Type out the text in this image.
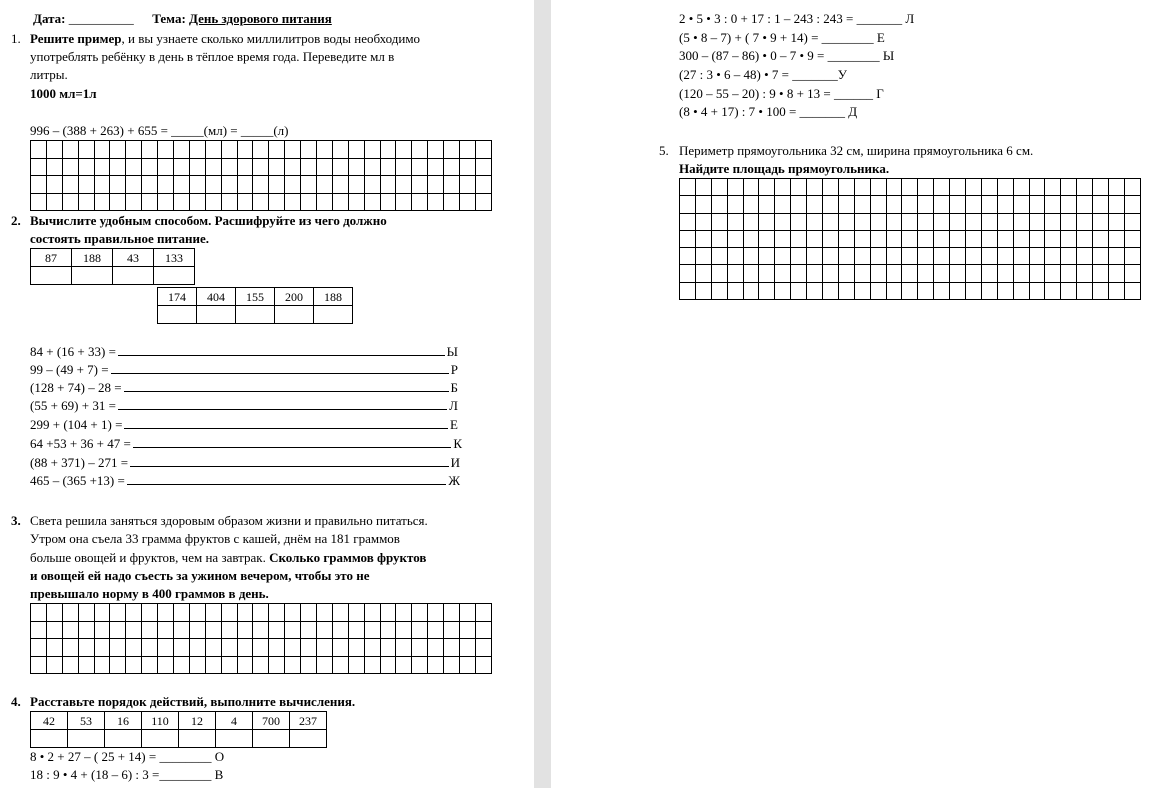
Дата: __________ Тема: День здорового питания
1. Решите пример, и вы узнаете сколько миллилитров воды необходимо
употреблять ребёнку в день в тёплое время года. Переведите мл в
литры.
1000 мл=1л
996 – (388 + 263) + 655 = _____(мл) = _____(л)

2. Вычислите удобным способом. Расшифруйте из чего должно
состоять правильное питание.
87	188	43	133

174	404	155	200	188

84 + (16 + 33) =	Ы
99 – (49 + 7) =	Р
(128 + 74) – 28 =	Б
(55 + 69) + 31 =	Л
299 + (104 + 1) =	Е
64 +53 + 36 + 47 =	К
(88 + 371) – 271 =	И
465 – (365 +13) =	Ж
3. Света решила заняться здоровым образом жизни и правильно питаться.
Утром она съела 33 грамма фруктов с кашей, днём на 181 граммов
больше овощей и фруктов, чем на завтрак. Сколько граммов фруктов
и овощей ей надо съесть за ужином вечером, чтобы это не
превышало норму в 400 граммов в день.

4. Расставьте порядок действий, выполните вычисления.
42	53	16	110	12	4	700	237

8 • 2 + 27 – ( 25 + 14) = ________ О
18 : 9 • 4 + (18 – 6) : 3 =________ В
2 • 5 • 3 : 0 + 17 : 1 – 243 : 243 = _______ Л
(5 • 8 – 7) + ( 7 • 9 + 14) = ________ Е
300 – (87 – 86) • 0 – 7 • 9 = ________ Ы
(27 : 3 • 6 – 48) • 7 = _______У
(120 – 55 – 20) : 9 • 8 + 13 = ______ Г
(8 • 4 + 17) : 7 • 100 = _______ Д
5. Периметр прямоугольника 32 см, ширина прямоугольника 6 см.
Найдите площадь прямоугольника.
